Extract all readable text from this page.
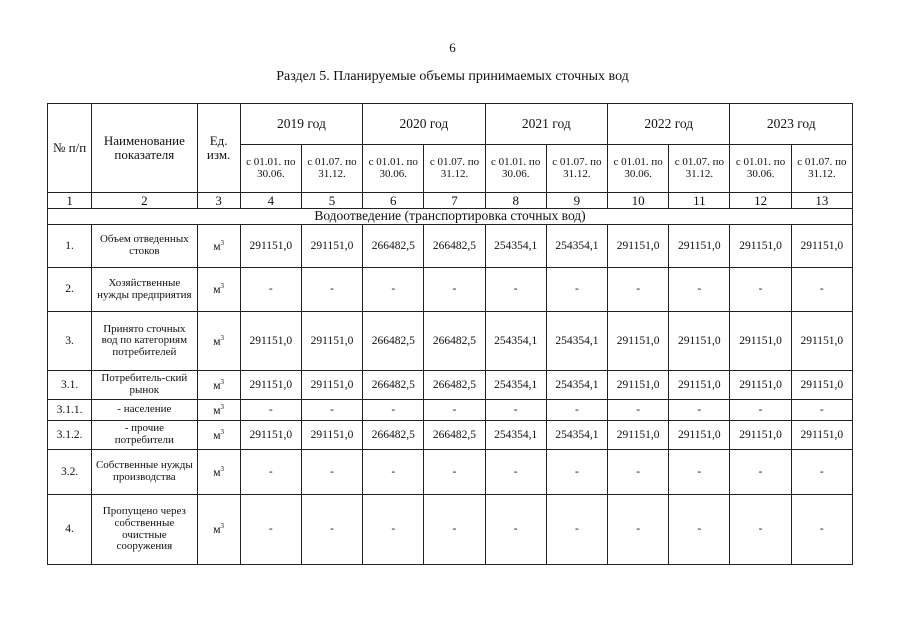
6
Раздел 5. Планируемые объемы принимаемых сточных вод
№ п/п	Наименование показателя	Ед. изм.	2019 год		2020 год		2021 год		2022 год		2023 год	
			с 01.01. по 30.06.	с 01.07. по 31.12.	с 01.01. по 30.06.	с 01.07. по 31.12.	с 01.01. по 30.06.	с 01.07. по 31.12.	с 01.01. по 30.06.	с 01.07. по 31.12.	с 01.01. по 30.06.	с 01.07. по 31.12.
1	2	3	4	5	6	7	8	9	10	11	12	13
Водоотведение (транспортировка сточных вод)												
1.	Объем отведенных стоков	$м^3$	291151,0	291151,0	266482,5	266482,5	254354,1	254354,1	291151,0	291151,0	291151,0	291151,0
2.	Хозяйственные нужды предприятия	$м^3$	-	-	-	-	-	-	-	-	-	-
3.	Принято сточных вод по категориям потребителей	$м^3$	291151,0	291151,0	266482,5	266482,5	254354,1	254354,1	291151,0	291151,0	291151,0	291151,0
3.1.	Потребитель-ский рынок	$м^3$	291151,0	291151,0	266482,5	266482,5	254354,1	254354,1	291151,0	291151,0	291151,0	291151,0
3.1.1.	- население	$м^3$	-	-	-	-	-	-	-	-	-	-
3.1.2.	- прочие потребители	$м^3$	291151,0	291151,0	266482,5	266482,5	254354,1	254354,1	291151,0	291151,0	291151,0	291151,0
3.2.	Собственные нужды производства	$м^3$	-	-	-	-	-	-	-	-	-	-
4.	Пропущено через собственные очистные сооружения	$м^3$	-	-	-	-	-	-	-	-	-	-
